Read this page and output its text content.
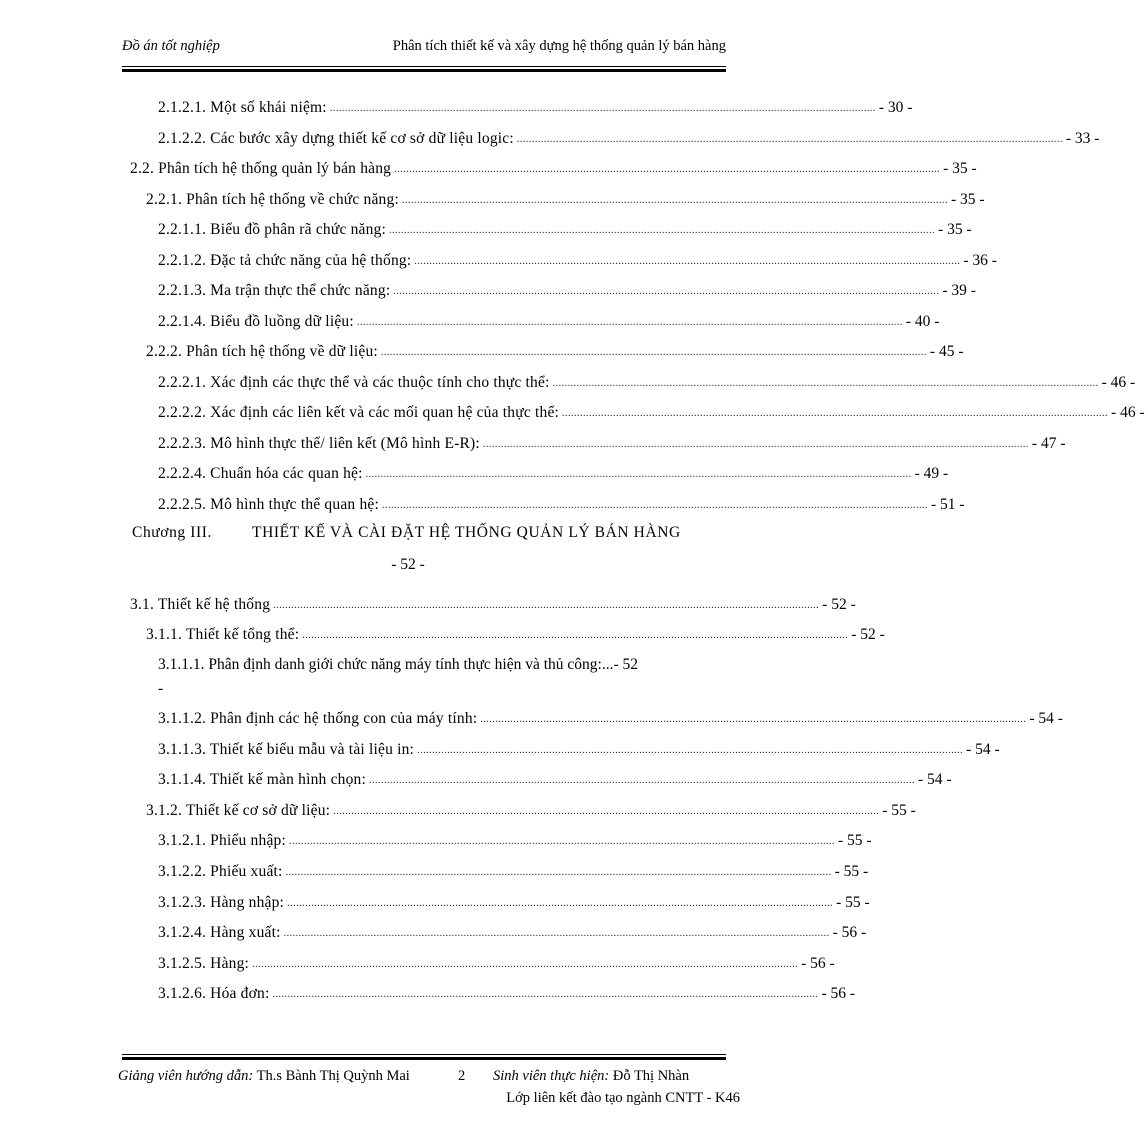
Đồ án tốt nghiệp	Phân tích thiết kế và xây dựng hệ thống quản lý bán hàng
2.1.2.1. Một số khái niệm: ...................................................................................................................................................................................... - 30 -
2.1.2.2. Các bước xây dựng thiết kế cơ sở dữ liệu logic: ...................................................................................................................................................................................... - 33 -
2.2. Phân tích hệ thống quản lý bán hàng ...................................................................................................................................................................................... - 35 -
2.2.1. Phân tích hệ thống về chức năng: ...................................................................................................................................................................................... - 35 -
2.2.1.1. Biểu đồ phân rã chức năng: ...................................................................................................................................................................................... - 35 -
2.2.1.2. Đặc tả chức năng của hệ thống: ...................................................................................................................................................................................... - 36 -
2.2.1.3. Ma trận thực thể chức năng: ...................................................................................................................................................................................... - 39 -
2.2.1.4. Biểu đồ luồng dữ liệu: ...................................................................................................................................................................................... - 40 -
2.2.2. Phân tích hệ thống về dữ liệu: ...................................................................................................................................................................................... - 45 -
2.2.2.1. Xác định các thực thể và các thuộc tính cho thực thể: ...................................................................................................................................................................................... - 46 -
2.2.2.2. Xác định các liên kết và các mối quan hệ của thực thể: ...................................................................................................................................................................................... - 46 -
2.2.2.3. Mô hình thực thể/ liên kết (Mô hình E-R): ...................................................................................................................................................................................... - 47 -
2.2.2.4. Chuẩn hóa các quan hệ: ...................................................................................................................................................................................... - 49 -
2.2.2.5. Mô hình thực thể quan hệ: ...................................................................................................................................................................................... - 51 -
Chương III.	THIẾT KẾ VÀ CÀI ĐẶT HỆ THỐNG QUẢN LÝ BÁN HÀNG
- 52 -
3.1. Thiết kế hệ thống ...................................................................................................................................................................................... - 52 -
3.1.1. Thiết kế tổng thể: ...................................................................................................................................................................................... - 52 -
3.1.1.1. Phân định danh giới chức năng máy tính thực hiện và thủ công:...- 52
-
3.1.1.2. Phân định các hệ thống con của máy tính: ...................................................................................................................................................................................... - 54 -
3.1.1.3. Thiết kế biểu mẫu và tài liệu in: ...................................................................................................................................................................................... - 54 -
3.1.1.4. Thiết kế màn hình chọn: ...................................................................................................................................................................................... - 54 -
3.1.2. Thiết kế cơ sở dữ liệu: ...................................................................................................................................................................................... - 55 -
3.1.2.1. Phiếu nhập: ...................................................................................................................................................................................... - 55 -
3.1.2.2. Phiếu xuất: ...................................................................................................................................................................................... - 55 -
3.1.2.3. Hàng nhập: ...................................................................................................................................................................................... - 55 -
3.1.2.4. Hàng xuất: ...................................................................................................................................................................................... - 56 -
3.1.2.5. Hàng: ...................................................................................................................................................................................... - 56 -
3.1.2.6. Hóa đơn: ...................................................................................................................................................................................... - 56 -
Giảng viên hướng dẫn: Th.s Bành Thị Quỳnh Mai	2 Sinh viên thực hiện: Đỗ Thị Nhàn
Lớp liên kết đào tạo ngành CNTT - K46
